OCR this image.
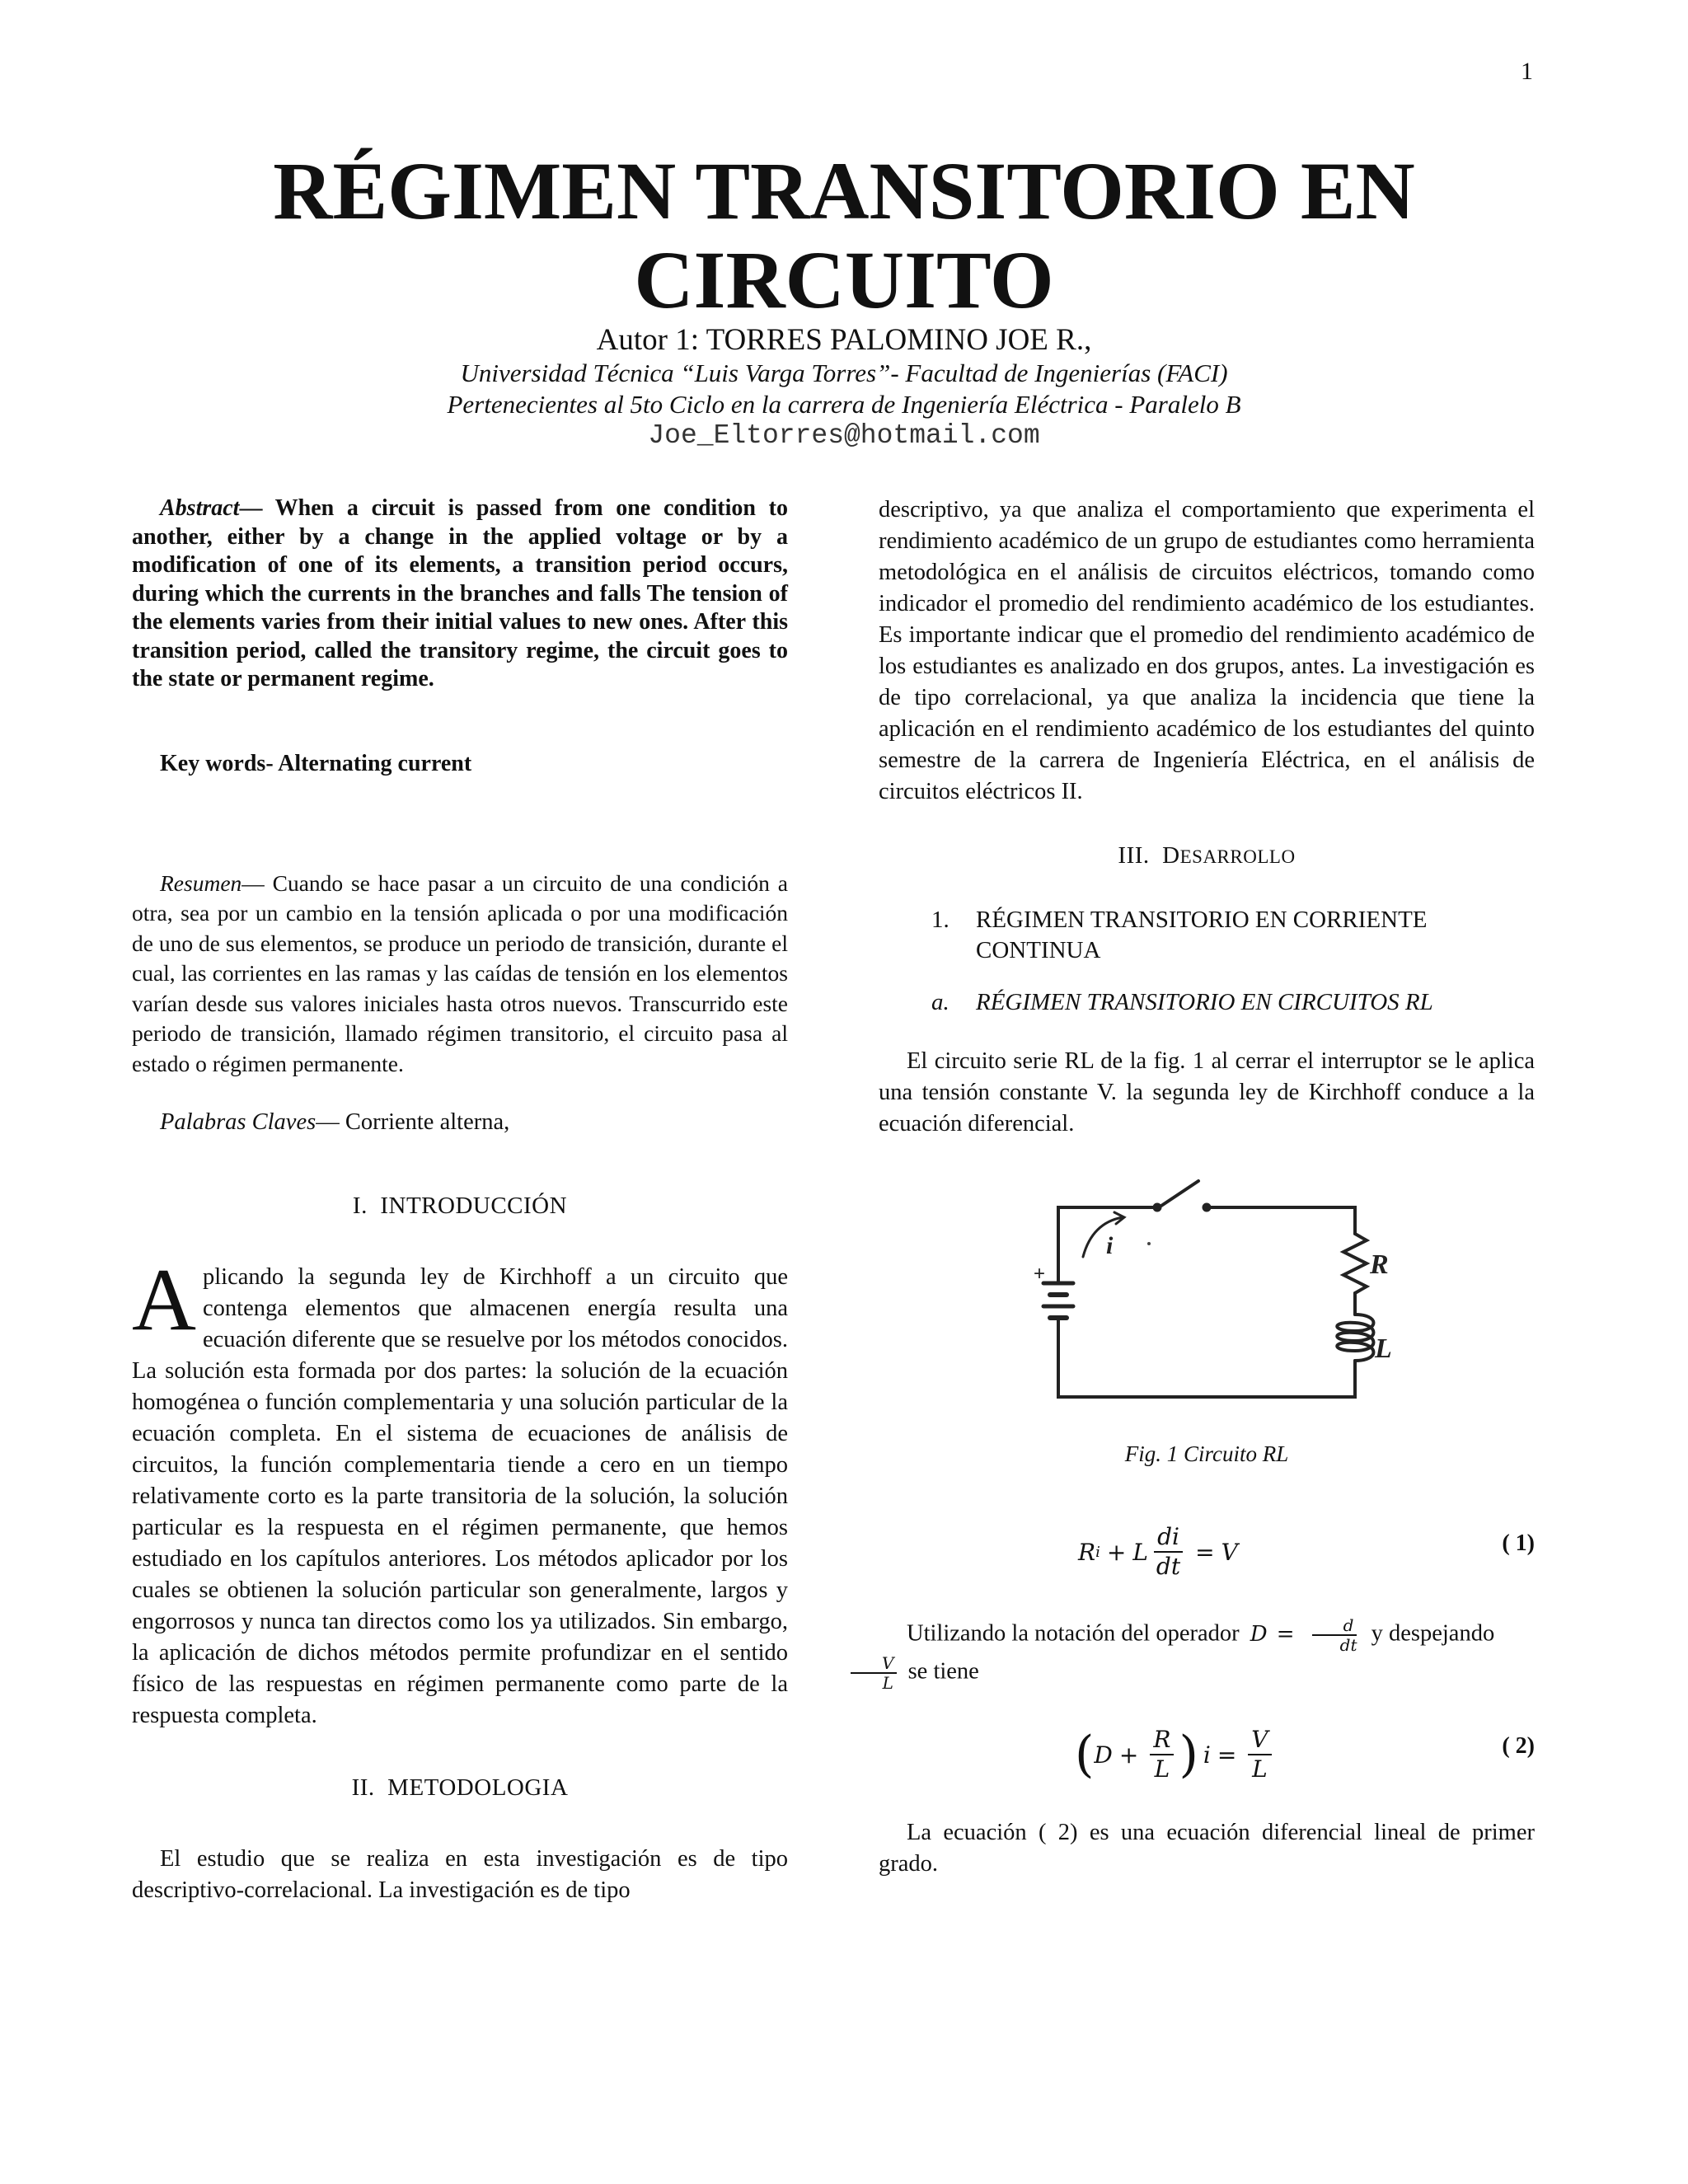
1
RÉGIMEN TRANSITORIO EN
CIRCUITO
Autor 1: TORRES PALOMINO JOE R.,
Universidad Técnica “Luis Varga Torres”- Facultad de Ingenierías (FACI)
Pertenecientes al 5to Ciclo en la carrera de Ingeniería Eléctrica - Paralelo B
Joe_Eltorres@hotmail.com

Abstract— When a circuit is passed from one condition to another, either by a change in the applied voltage or by a modification of one of its elements, a transition period occurs, during which the currents in the branches and falls The tension of the elements varies from their initial values to new ones. After this transition period, called the transitory regime, the circuit goes to the state or permanent regime.

Key words- Alternating current

Resumen— Cuando se hace pasar a un circuito de una condición a otra, sea por un cambio en la tensión aplicada o por una modificación de uno de sus elementos, se produce un periodo de transición, durante el cual, las corrientes en las ramas y las caídas de tensión en los elementos varían desde sus valores iniciales hasta otros nuevos. Transcurrido este periodo de transición, llamado régimen transitorio, el circuito pasa al estado o régimen permanente.

Palabras Claves— Corriente alterna,

I. INTRODUCCIÓN

Aplicando la segunda ley de Kirchhoff a un circuito que contenga elementos que almacenen energía resulta una ecuación diferente que se resuelve por los métodos conocidos. La solución esta formada por dos partes: la solución de la ecuación homogénea o función complementaria y una solución particular de la ecuación completa. En el sistema de ecuaciones de análisis de circuitos, la función complementaria tiende a cero en un tiempo relativamente corto es la parte transitoria de la solución, la solución particular es la respuesta en el régimen permanente, que hemos estudiado en los capítulos anteriores. Los métodos aplicador por los cuales se obtienen la solución particular son generalmente, largos y engorrosos y nunca tan directos como los ya utilizados. Sin embargo, la aplicación de dichos métodos permite profundizar en el sentido físico de las respuestas en régimen permanente como parte de la respuesta completa.

II. METODOLOGIA

El estudio que se realiza en esta investigación es de tipo descriptivo-correlacional. La investigación es de tipo

descriptivo, ya que analiza el comportamiento que experimenta el rendimiento académico de un grupo de estudiantes como herramienta metodológica en el análisis de circuitos eléctricos, tomando como indicador el promedio del rendimiento académico de los estudiantes. Es importante indicar que el promedio del rendimiento académico de los estudiantes es analizado en dos grupos, antes. La investigación es de tipo correlacional, ya que analiza la incidencia que tiene la aplicación en el rendimiento académico de los estudiantes del quinto semestre de la carrera de Ingeniería Eléctrica, en el análisis de circuitos eléctricos II.

III. DESARROLLO
1.	RÉGIMEN TRANSITORIO EN CORRIENTE CONTINUA
a.	RÉGIMEN TRANSITORIO EN CIRCUITOS RL

El circuito serie RL de la fig. 1 al cerrar el interruptor se le aplica una tensión constante V. la segunda ley de Kirchhoff conduce a la ecuación diferencial.

i
+	R
L
Fig. 1 Circuito RL
R i + L $\frac{di}{dt} = V$	( 1)
Utilizando la notación del operador $D = \frac{d}{dt}$ y despejando

$\frac{V}{L}$ se tiene
( $D + \frac{R}{L}$ ) $i = \frac{V}{L}$	( 2)

La ecuación ( 2) es una ecuación diferencial lineal de primer grado.
